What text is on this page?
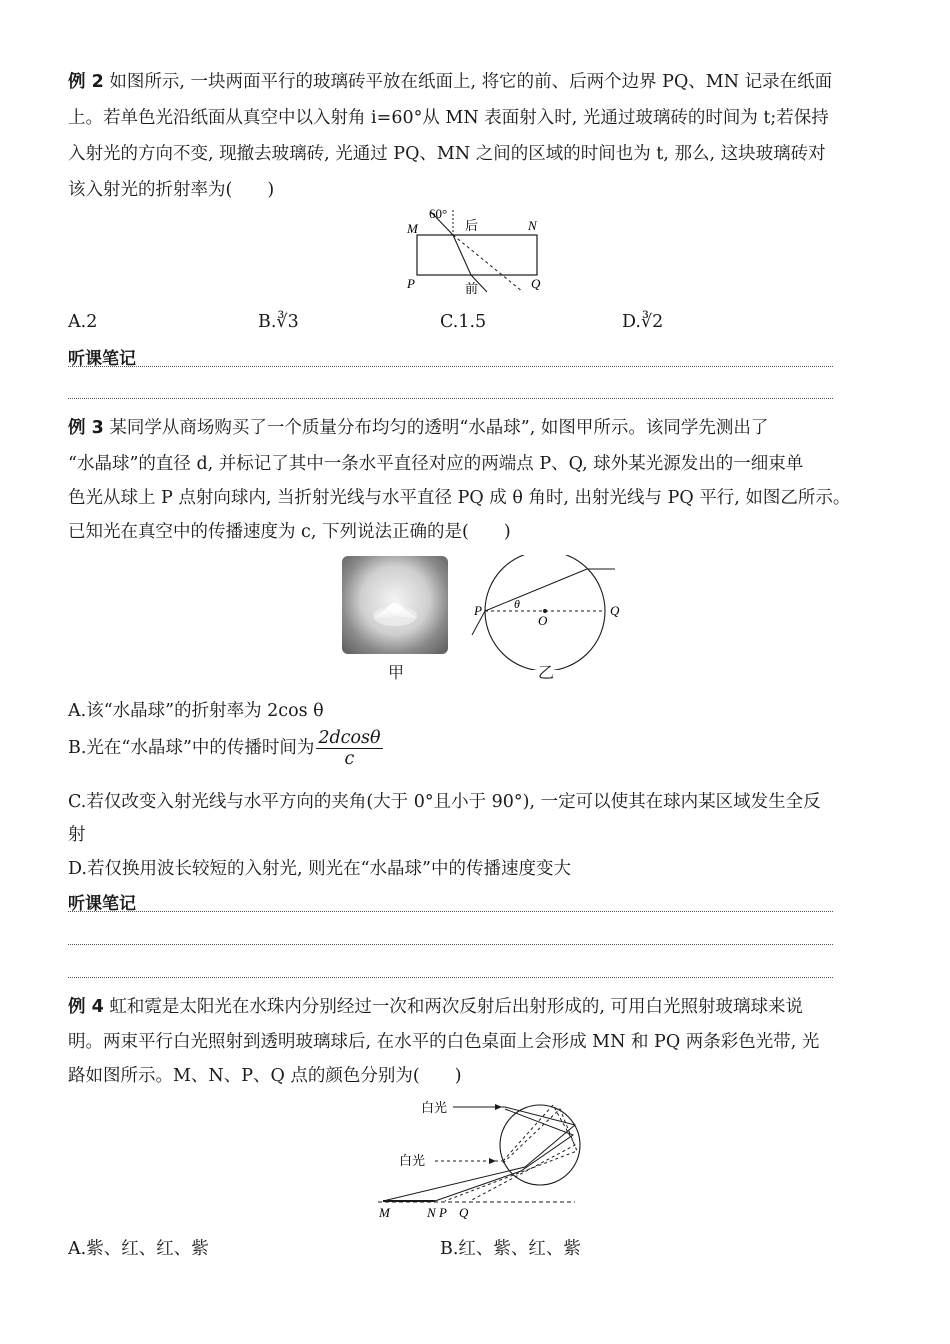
例 2 如图所示, 一块两面平行的玻璃砖平放在纸面上, 将它的前、后两个边界 PQ、MN 记录在纸面
上。若单色光沿纸面从真空中以入射角 i=60°从 MN 表面射入时, 光通过玻璃砖的时间为 t;若保持
入射光的方向不变, 现撤去玻璃砖, 光通过 PQ、MN 之间的区域的时间也为 t, 那么, 这块玻璃砖对
该入射光的折射率为(　　)
60°
后
前
M	N
P	Q
A.2	B.∛3	C.1.5	D.∛2
听课笔记
例 3 某同学从商场购买了一个质量分布均匀的透明“水晶球”, 如图甲所示。该同学先测出了
“水晶球”的直径 d, 并标记了其中一条水平直径对应的两端点 P、Q, 球外某光源发出的一细束单
色光从球上 P 点射向球内, 当折射光线与水平直径 PQ 成 θ 角时, 出射光线与 PQ 平行, 如图乙所示。
已知光在真空中的传播速度为 c, 下列说法正确的是(　　)
P	Q
O
θ
甲	乙
A.该“水晶球”的折射率为 2cos θ
B.光在“水晶球”中的传播时间为 $\frac{2dcos\theta}{c}$
C.若仅改变入射光线与水平方向的夹角(大于 0°且小于 90°), 一定可以使其在球内某区域发生全反
射
D.若仅换用波长较短的入射光, 则光在“水晶球”中的传播速度变大
听课笔记
例 4 虹和霓是太阳光在水珠内分别经过一次和两次反射后出射形成的, 可用白光照射玻璃球来说
明。两束平行白光照射到透明玻璃球后, 在水平的白色桌面上会形成 MN 和 PQ 两条彩色光带, 光
路如图所示。M、N、P、Q 点的颜色分别为(　　)
白光
白光
M	N P Q
A.紫、红、红、紫	B.红、紫、红、紫
